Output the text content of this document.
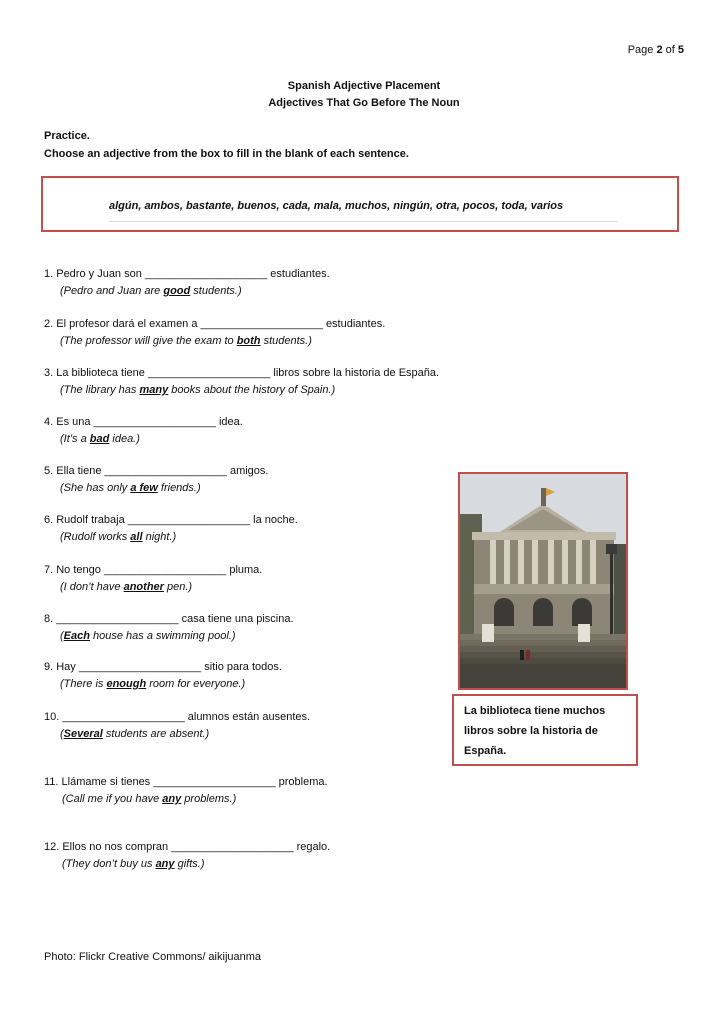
Page 2 of 5
Spanish Adjective Placement
Adjectives That Go Before The Noun
Practice.
Choose an adjective from the box to fill in the blank of each sentence.
algún, ambos, bastante, buenos, cada, mala, muchos, ningún, otra, pocos, toda, varios
1. Pedro y Juan son ____________________ estudiantes.
(Pedro and Juan are good students.)
2. El profesor dará el examen a ____________________ estudiantes.
(The professor will give the exam to both students.)
3. La biblioteca tiene ____________________ libros sobre la historia de España.
(The library has many books about the history of Spain.)
4. Es una ____________________ idea.
(It’s a bad idea.)
5. Ella tiene ____________________ amigos.
(She has only a few friends.)
6. Rudolf trabaja ____________________ la noche.
(Rudolf works all night.)
7. No tengo ____________________ pluma.
(I don’t have another pen.)
8. ____________________ casa tiene una piscina.
(Each house has a swimming pool.)
9. Hay ____________________ sitio para todos.
(There is enough room for everyone.)
10. ____________________ alumnos están ausentes.
(Several students are absent.)
11. Llámame si tienes ____________________ problema.
(Call me if you have any problems.)
12. Ellos no nos compran ____________________ regalo.
(They don’t buy us any gifts.)
La biblioteca tiene muchos libros sobre la historia de España.
Photo: Flickr Creative Commons/ aikijuanma
